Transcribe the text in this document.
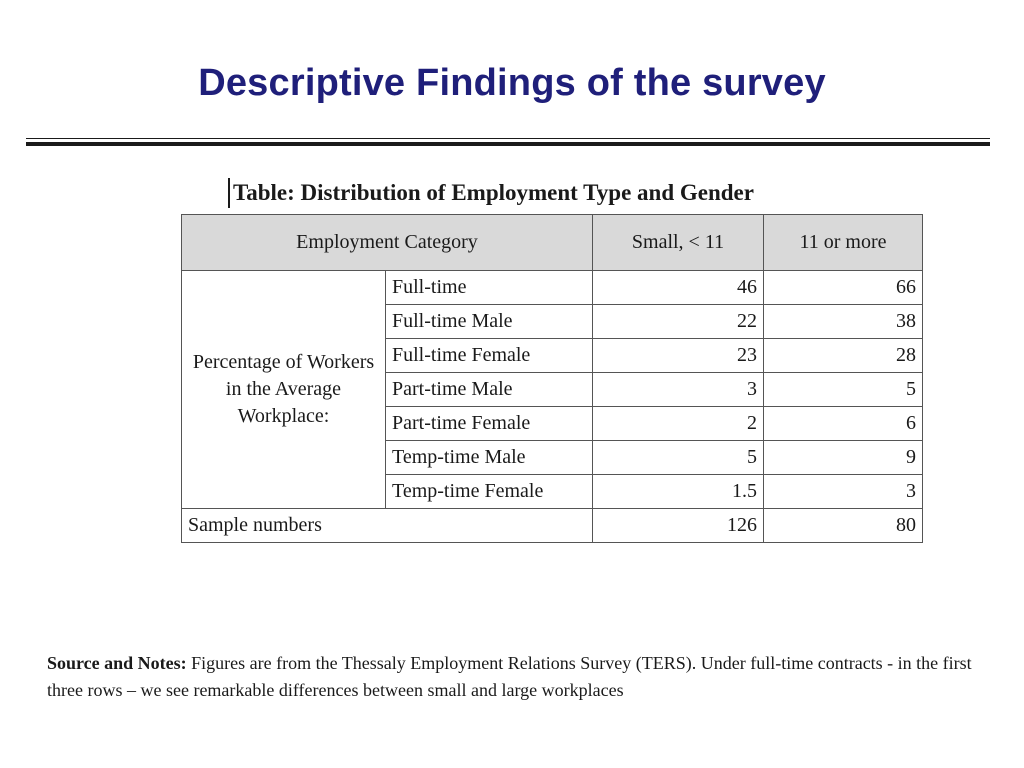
Descriptive Findings of the survey
Table: Distribution of Employment Type and Gender
Employment Category		Small, < 11	11 or more
Percentage of Workers in the Average Workplace:	Full-time	46	66
	Full-time Male	22	38
	Full-time Female	23	28
	Part-time Male	3	5
	Part-time Female	2	6
	Temp-time Male	5	9
	Temp-time Female	1.5	3
Sample numbers		126	80
Source and Notes: Figures are from the Thessaly Employment Relations Survey (TERS). Under full-time contracts - in the first three rows – we see remarkable differences between small and large workplaces
